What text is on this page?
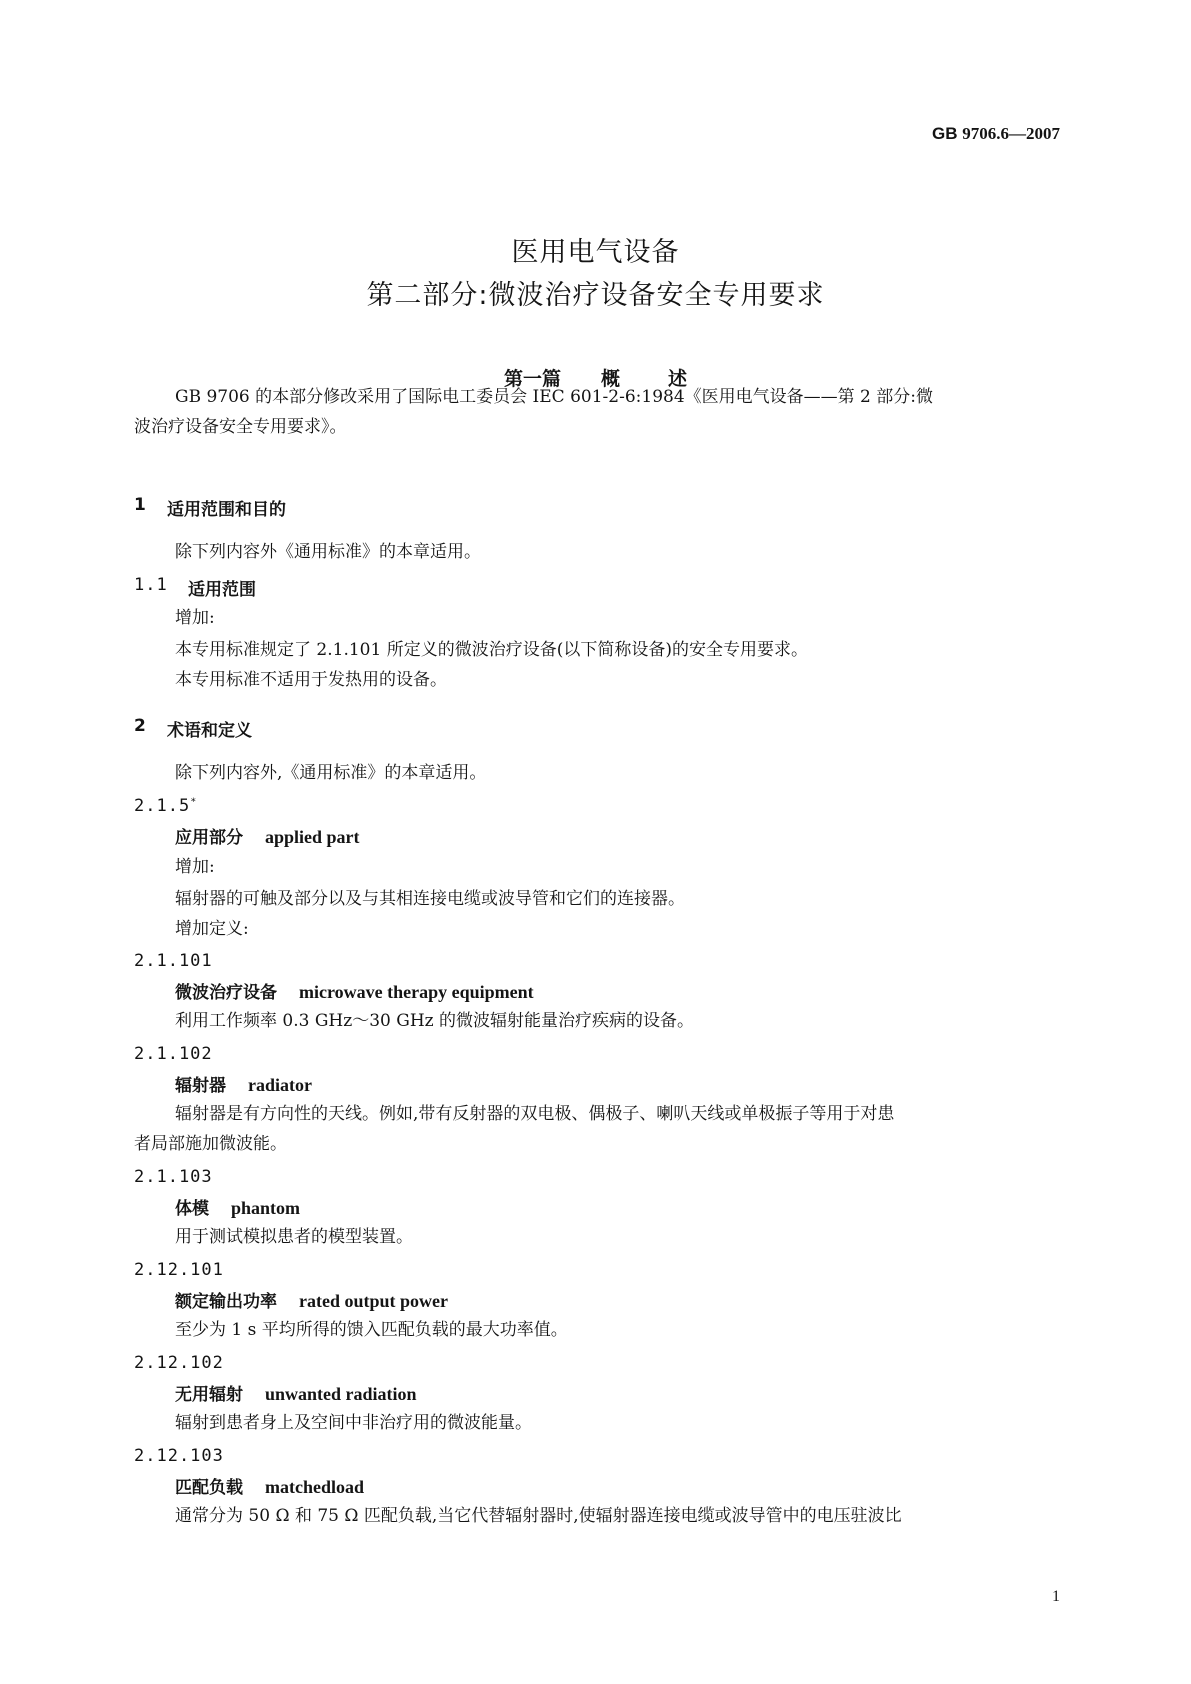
GB 9706.6—2007
医用电气设备
第二部分:微波治疗设备安全专用要求
第一篇 概	述
GB 9706 的本部分修改采用了国际电工委员会 IEC 601-2-6:1984《医用电气设备——第 2 部分:微
波治疗设备安全专用要求》。
1 适用范围和目的
除下列内容外《通用标准》的本章适用。
1.1 适用范围
增加:
本专用标准规定了 2.1.101 所定义的微波治疗设备(以下简称设备)的安全专用要求。
本专用标准不适用于发热用的设备。
2 术语和定义
除下列内容外,《通用标准》的本章适用。
2.1.5*
应用部分 applied part
增加:
辐射器的可触及部分以及与其相连接电缆或波导管和它们的连接器。
增加定义:
2.1.101
微波治疗设备 microwave therapy equipment
利用工作频率 0.3 GHz～30 GHz 的微波辐射能量治疗疾病的设备。
2.1.102
辐射器 radiator
辐射器是有方向性的天线。例如,带有反射器的双电极、偶极子、喇叭天线或单极振子等用于对患
者局部施加微波能。
2.1.103
体模 phantom
用于测试模拟患者的模型装置。
2.12.101
额定输出功率 rated output power
至少为 1 s 平均所得的馈入匹配负载的最大功率值。
2.12.102
无用辐射 unwanted radiation
辐射到患者身上及空间中非治疗用的微波能量。
2.12.103
匹配负载 matchedload
通常分为 50 Ω 和 75 Ω 匹配负载,当它代替辐射器时,使辐射器连接电缆或波导管中的电压驻波比
1
